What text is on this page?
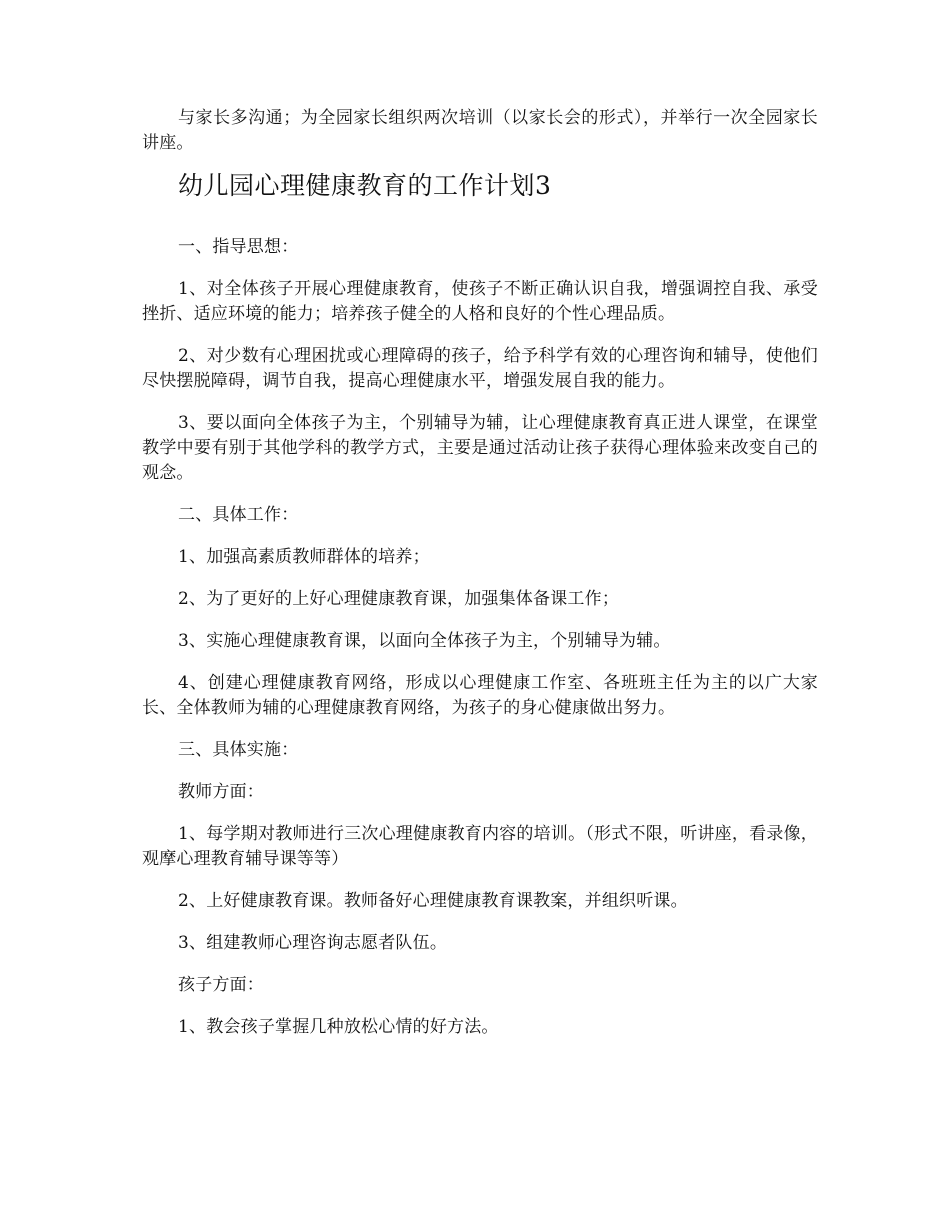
与家长多沟通；为全园家长组织两次培训（以家长会的形式），并举行一次全园家长讲座。

幼儿园心理健康教育的工作计划3

一、指导思想：

1、对全体孩子开展心理健康教育，使孩子不断正确认识自我，增强调控自我、承受挫折、适应环境的能力；培养孩子健全的人格和良好的个性心理品质。

2、对少数有心理困扰或心理障碍的孩子，给予科学有效的心理咨询和辅导，使他们尽快摆脱障碍，调节自我，提高心理健康水平，增强发展自我的能力。

3、要以面向全体孩子为主，个别辅导为辅，让心理健康教育真正进人课堂，在课堂教学中要有别于其他学科的教学方式，主要是通过活动让孩子获得心理体验来改变自己的观念。

二、具体工作：

1、加强高素质教师群体的培养；

2、为了更好的上好心理健康教育课，加强集体备课工作；

3、实施心理健康教育课，以面向全体孩子为主，个别辅导为辅。

4、创建心理健康教育网络，形成以心理健康工作室、各班班主任为主的以广大家长、全体教师为辅的心理健康教育网络，为孩子的身心健康做出努力。

三、具体实施：

教师方面：

1、每学期对教师进行三次心理健康教育内容的培训。（形式不限，听讲座，看录像，观摩心理教育辅导课等等）

2、上好健康教育课。教师备好心理健康教育课教案，并组织听课。

3、组建教师心理咨询志愿者队伍。

孩子方面：

1、教会孩子掌握几种放松心情的好方法。
